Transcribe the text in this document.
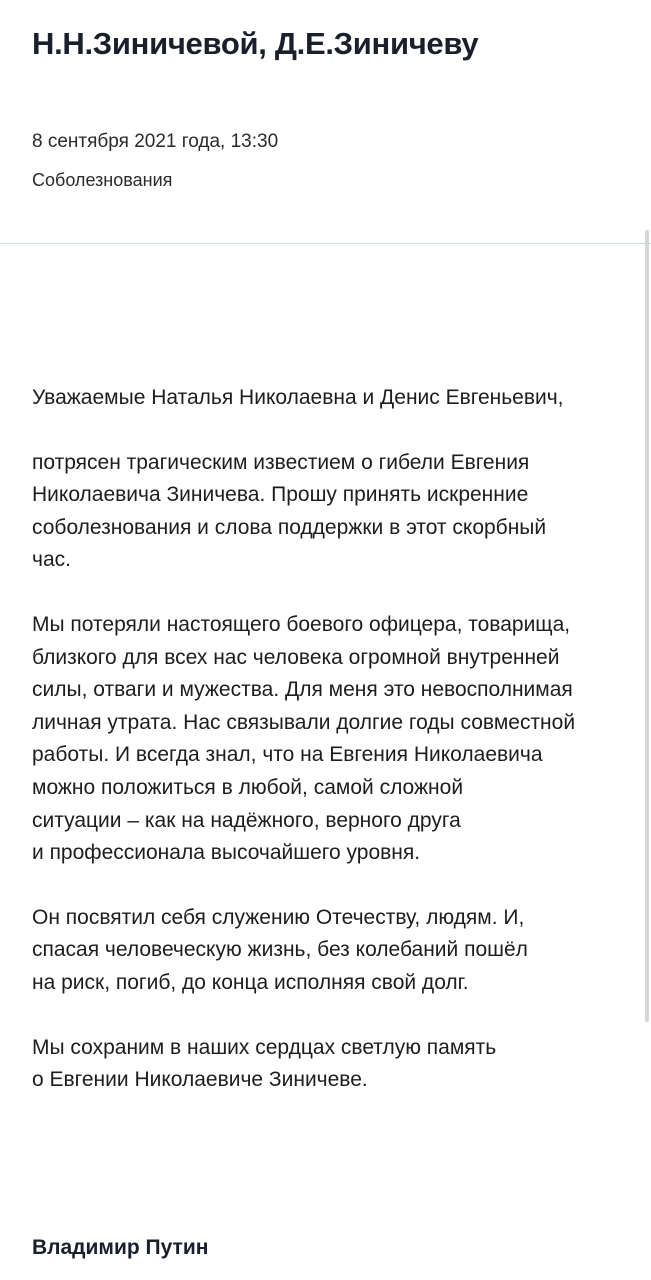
Н.Н.Зиничевой, Д.Е.Зиничеву
8 сентября 2021 года, 13:30
Соболезнования

Уважаемые Наталья Николаевна и Денис Евгеньевич,

потрясен трагическим известием о гибели Евгения
Николаевича Зиничева. Прошу принять искренние
соболезнования и слова поддержки в этот скорбный
час.

Мы потеряли настоящего боевого офицера, товарища,
близкого для всех нас человека огромной внутренней
силы, отваги и мужества. Для меня это невосполнимая
личная утрата. Нас связывали долгие годы совместной
работы. И всегда знал, что на Евгения Николаевича
можно положиться в любой, самой сложной
ситуации – как на надёжного, верного друга
и профессионала высочайшего уровня.

Он посвятил себя служению Отечеству, людям. И,
спасая человеческую жизнь, без колебаний пошёл
на риск, погиб, до конца исполняя свой долг.

Мы сохраним в наших сердцах светлую память
о Евгении Николаевиче Зиничеве.

Владимир Путин
